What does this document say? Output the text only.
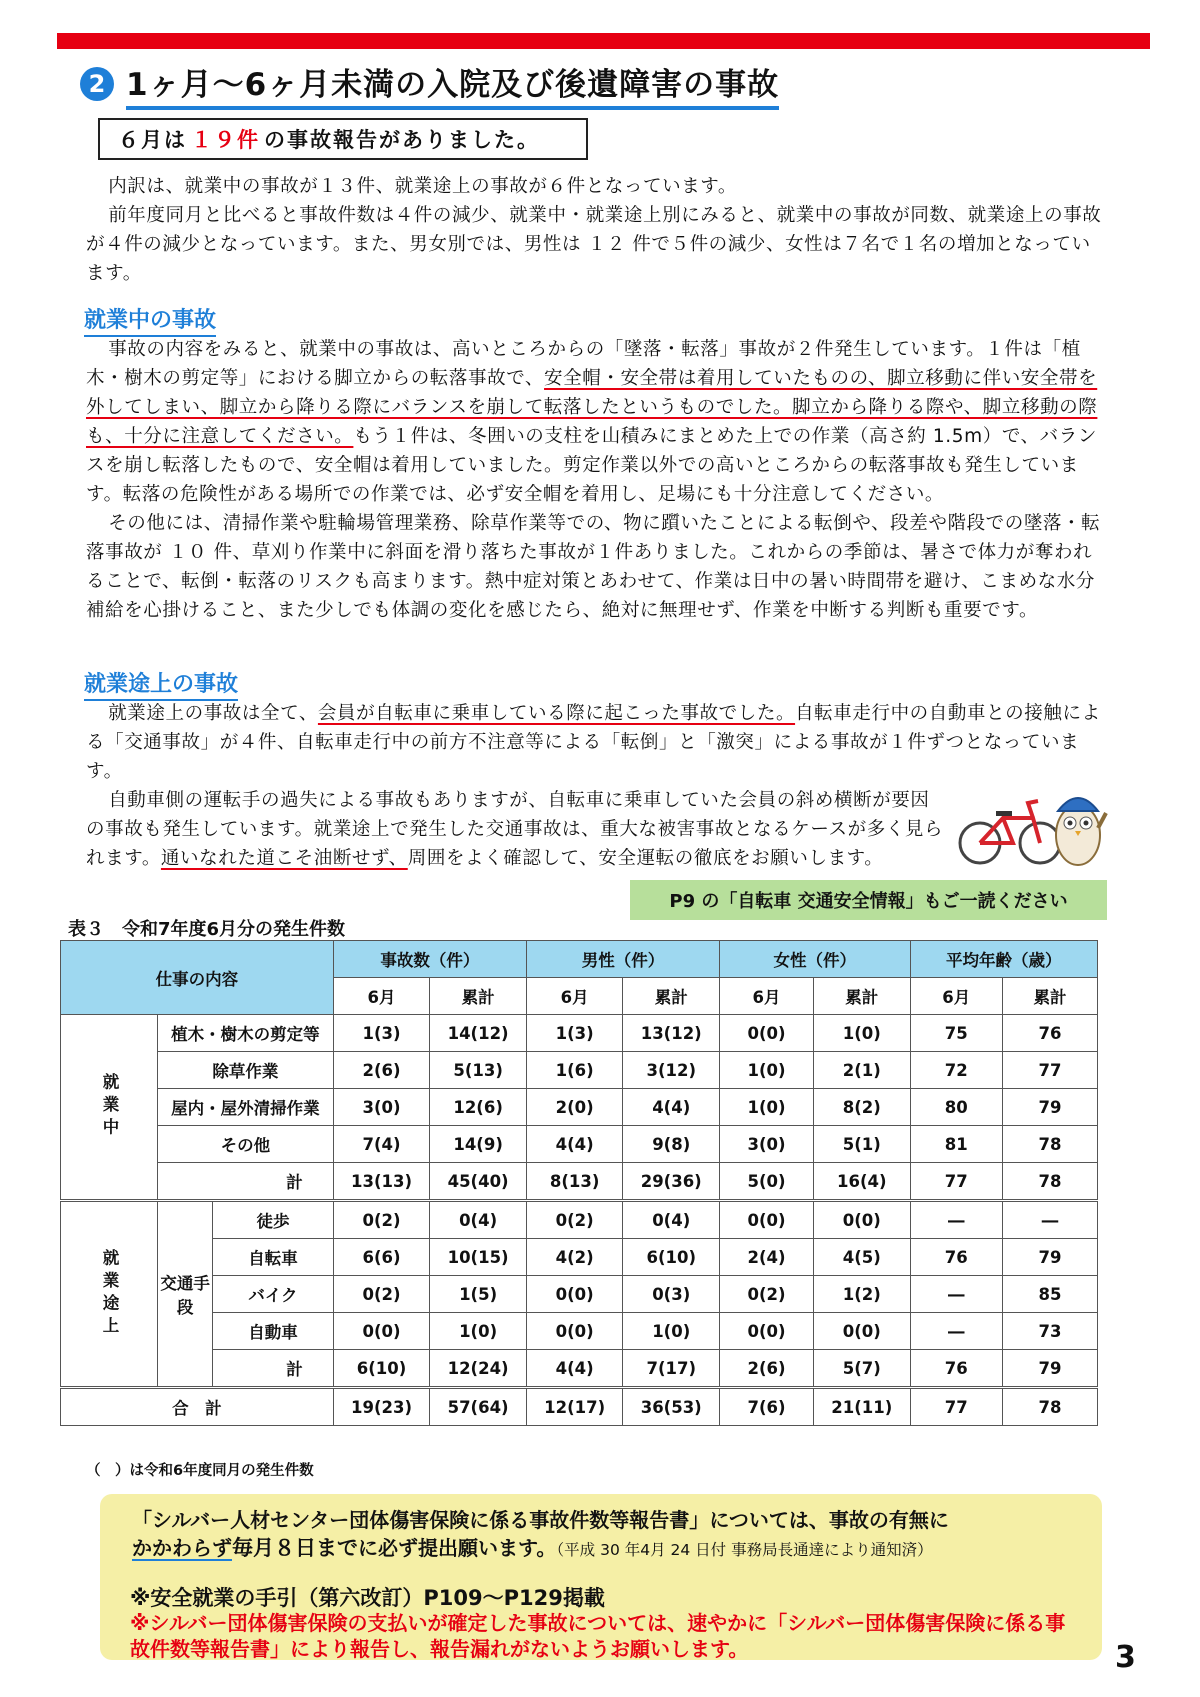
2 1ヶ月～6ヶ月未満の入院及び後遺障害の事故
６月は １９件 の事故報告がありました。
内訳は、就業中の事故が１３件、就業途上の事故が６件となっています。
前年度同月と比べると事故件数は４件の減少、就業中・就業途上別にみると、就業中の事故が同数、就業途上の事故が４件の減少となっています。また、男女別では、男性は １２ 件で５件の減少、女性は７名で１名の増加となっています。
就業中の事故
事故の内容をみると、就業中の事故は、高いところからの「墜落・転落」事故が２件発生しています。１件は「植木・樹木の剪定等」における脚立からの転落事故で、安全帽・安全帯は着用していたものの、脚立移動に伴い安全帯を外してしまい、脚立から降りる際にバランスを崩して転落したというものでした。脚立から降りる際や、脚立移動の際も、十分に注意してください。もう１件は、冬囲いの支柱を山積みにまとめた上での作業（高さ約 1.5m）で、バランスを崩し転落したもので、安全帽は着用していました。剪定作業以外での高いところからの転落事故も発生しています。転落の危険性がある場所での作業では、必ず安全帽を着用し、足場にも十分注意してください。
その他には、清掃作業や駐輪場管理業務、除草作業等での、物に躓いたことによる転倒や、段差や階段での墜落・転落事故が １０ 件、草刈り作業中に斜面を滑り落ちた事故が１件ありました。これからの季節は、暑さで体力が奪われることで、転倒・転落のリスクも高まります。熱中症対策とあわせて、作業は日中の暑い時間帯を避け、こまめな水分補給を心掛けること、また少しでも体調の変化を感じたら、絶対に無理せず、作業を中断する判断も重要です。
就業途上の事故
就業途上の事故は全て、会員が自転車に乗車している際に起こった事故でした。自転車走行中の自動車との接触による「交通事故」が４件、自転車走行中の前方不注意等による「転倒」と「激突」による事故が１件ずつとなっています。
自動車側の運転手の過失による事故もありますが、自転車に乗車していた会員の斜め横断が要因の事故も発生しています。就業途上で発生した交通事故は、重大な被害事故となるケースが多く見られます。通いなれた道こそ油断せず、周囲をよく確認して、安全運転の徹底をお願いします。
P9 の「自転車 交通安全情報」もご一読ください
表３　令和7年度6月分の発生件数
仕事の内容			事故数（件）		男性（件）		女性（件）		平均年齢（歳）	
			6月	累計	6月	累計	6月	累計	6月	累計
就業中	植木・樹木の剪定等		1(3)	14(12)	1(3)	13(12)	0(0)	1(0)	75	76
	除草作業		2(6)	5(13)	1(6)	3(12)	1(0)	2(1)	72	77
	屋内・屋外清掃作業		3(0)	12(6)	2(0)	4(4)	1(0)	8(2)	80	79
	その他		7(4)	14(9)	4(4)	9(8)	3(0)	5(1)	81	78
	計		13(13)	45(40)	8(13)	29(36)	5(0)	16(4)	77	78
就業途上	交通手段	徒歩	0(2)	0(4)	0(2)	0(4)	0(0)	0(0)	―	―
		自転車	6(6)	10(15)	4(2)	6(10)	2(4)	4(5)	76	79
		バイク	0(2)	1(5)	0(0)	0(3)	0(2)	1(2)	―	85
		自動車	0(0)	1(0)	0(0)	1(0)	0(0)	0(0)	―	73
		計	6(10)	12(24)	4(4)	7(17)	2(6)	5(7)	76	79
合　計			19(23)	57(64)	12(17)	36(53)	7(6)	21(11)	77	78
（　）は令和6年度同月の発生件数
「シルバー人材センター団体傷害保険に係る事故件数等報告書」については、事故の有無に
かかわらず毎月８日までに必ず提出願います。（平成 30 年4月 24 日付 事務局長通達により通知済）
※安全就業の手引（第六改訂）P109～P129掲載
※シルバー団体傷害保険の支払いが確定した事故については、速やかに「シルバー団体傷害保険に係る事故件数等報告書」により報告し、報告漏れがないようお願いします。	3
